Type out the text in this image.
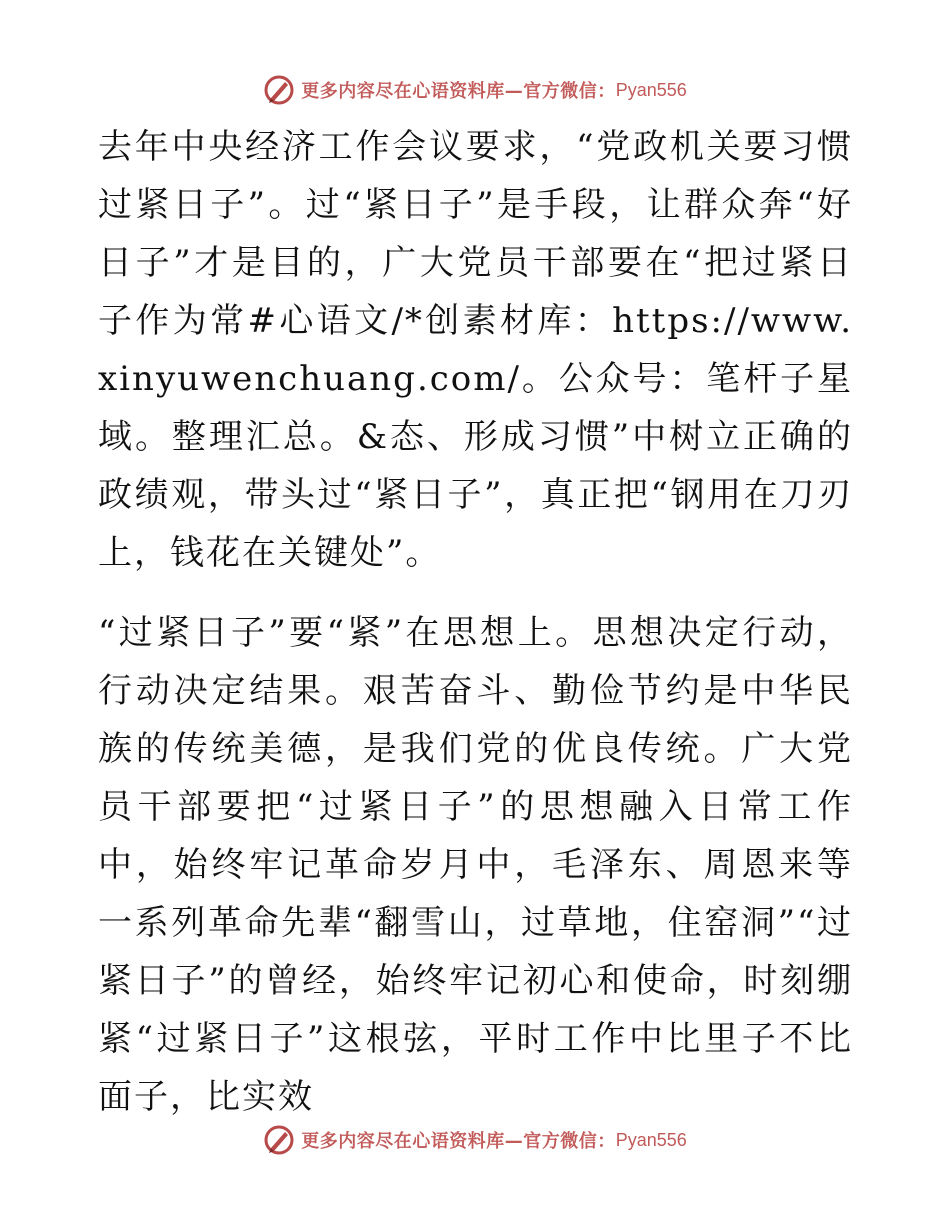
更多内容尽在心语资料库—官方微信： Pyan556

去年中央经济工作会议要求，“党政机关要习惯过紧日子”。过“紧日子”是手段，让群众奔“好日子”才是目的，广大党员干部要在“把过紧日子作为常#心语文/*创素材库：https://www.xinyuwenchuang.com/。公众号：笔杆子星域。整理汇总。&态、形成习惯”中树立正确的政绩观，带头过“紧日子”，真正把“钢用在刀刃上，钱花在关键处”。

“过紧日子”要“紧”在思想上。思想决定行动，行动决定结果。艰苦奋斗、勤俭节约是中华民族的传统美德，是我们党的优良传统。广大党员干部要把“过紧日子”的思想融入日常工作中，始终牢记革命岁月中，毛泽东、周恩来等一系列革命先辈“翻雪山，过草地，住窑洞”“过紧日子”的曾经，始终牢记初心和使命，时刻绷紧“过紧日子”这根弦，平时工作中比里子不比面子，比实效

更多内容尽在心语资料库—官方微信： Pyan556
